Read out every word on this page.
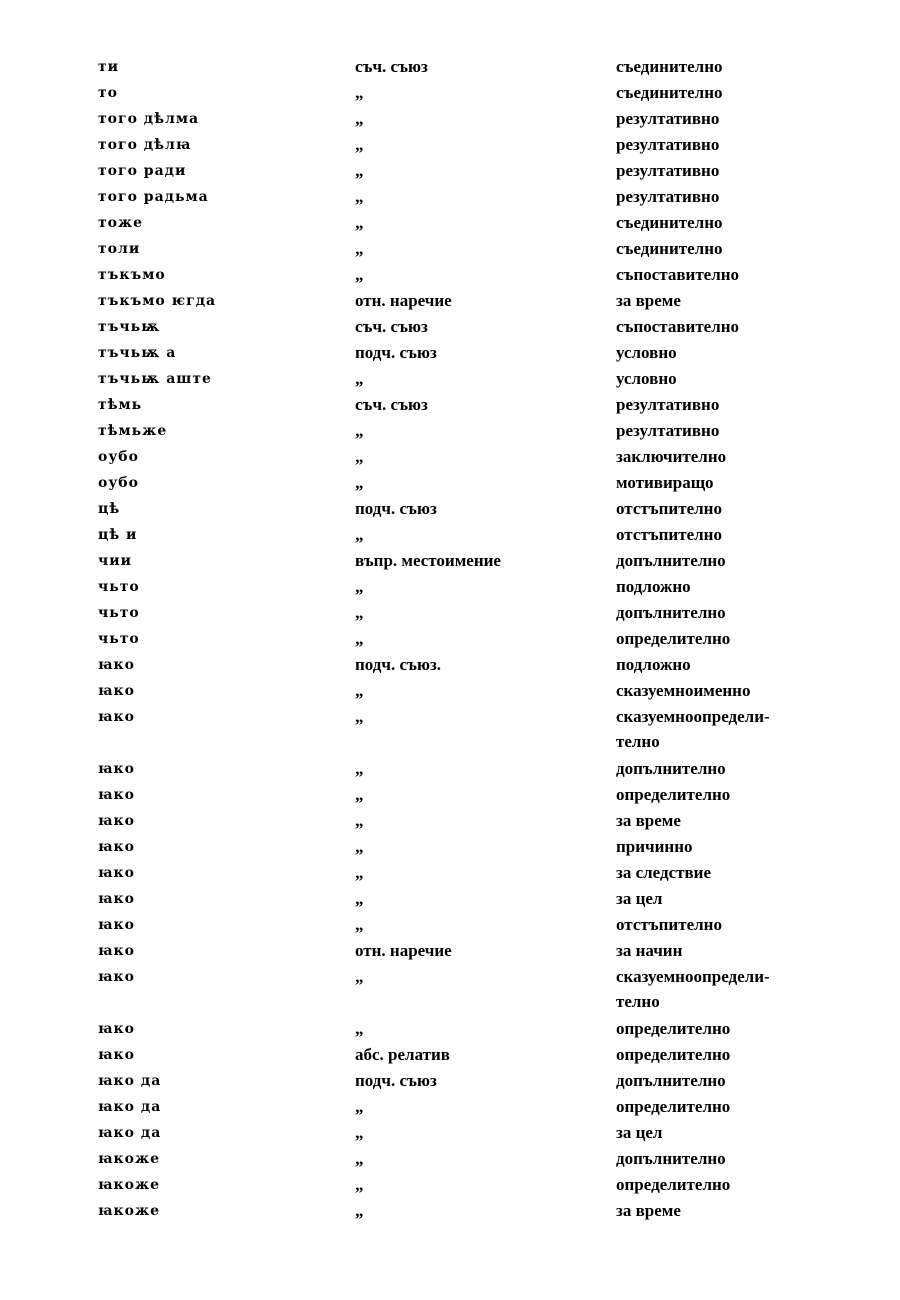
ти	съч. съюз	съединително
то	„	съединително
того дѣлма	„	резултативно
того дѣлꙗ	„	резултативно
того ради	„	резултативно
того радьма	„	резултативно
тоже	„	съединително
толи	„	съединително
тъкъмо	„	съпоставително
тъкъмо ѥгда	отн. наречие	за време
тъчьѭ	съч. съюз	съпоставително
тъчьѭ а	подч. съюз	условно
тъчьѭ аште	„	условно
тѣмь	съч. съюз	резултативно
тѣмьже	„	резултативно
оубо	„	заключително
оубо	„	мотивиращо
цѣ	подч. съюз	отстъпително
цѣ и	„	отстъпително
чии	въпр. местоимение	допълнително
чьто	„	подложно
чьто	„	допълнително
чьто	„	определително
ꙗко	подч. съюз.	подложно
ꙗко	„	сказуемноименно
ꙗко	„	сказуемноопредели-
телно
ꙗко	„	допълнително
ꙗко	„	определително
ꙗко	„	за време
ꙗко	„	причинно
ꙗко	„	за следствие
ꙗко	„	за цел
ꙗко	„	отстъпително
ꙗко	отн. наречие	за начин
ꙗко	„	сказуемноопредели-
телно
ꙗко	„	определително
ꙗко	абс. релатив	определително
ꙗко да	подч. съюз	допълнително
ꙗко да	„	определително
ꙗко да	„	за цел
ꙗкоже	„	допълнително
ꙗкоже	„	определително
ꙗкоже	„	за време
